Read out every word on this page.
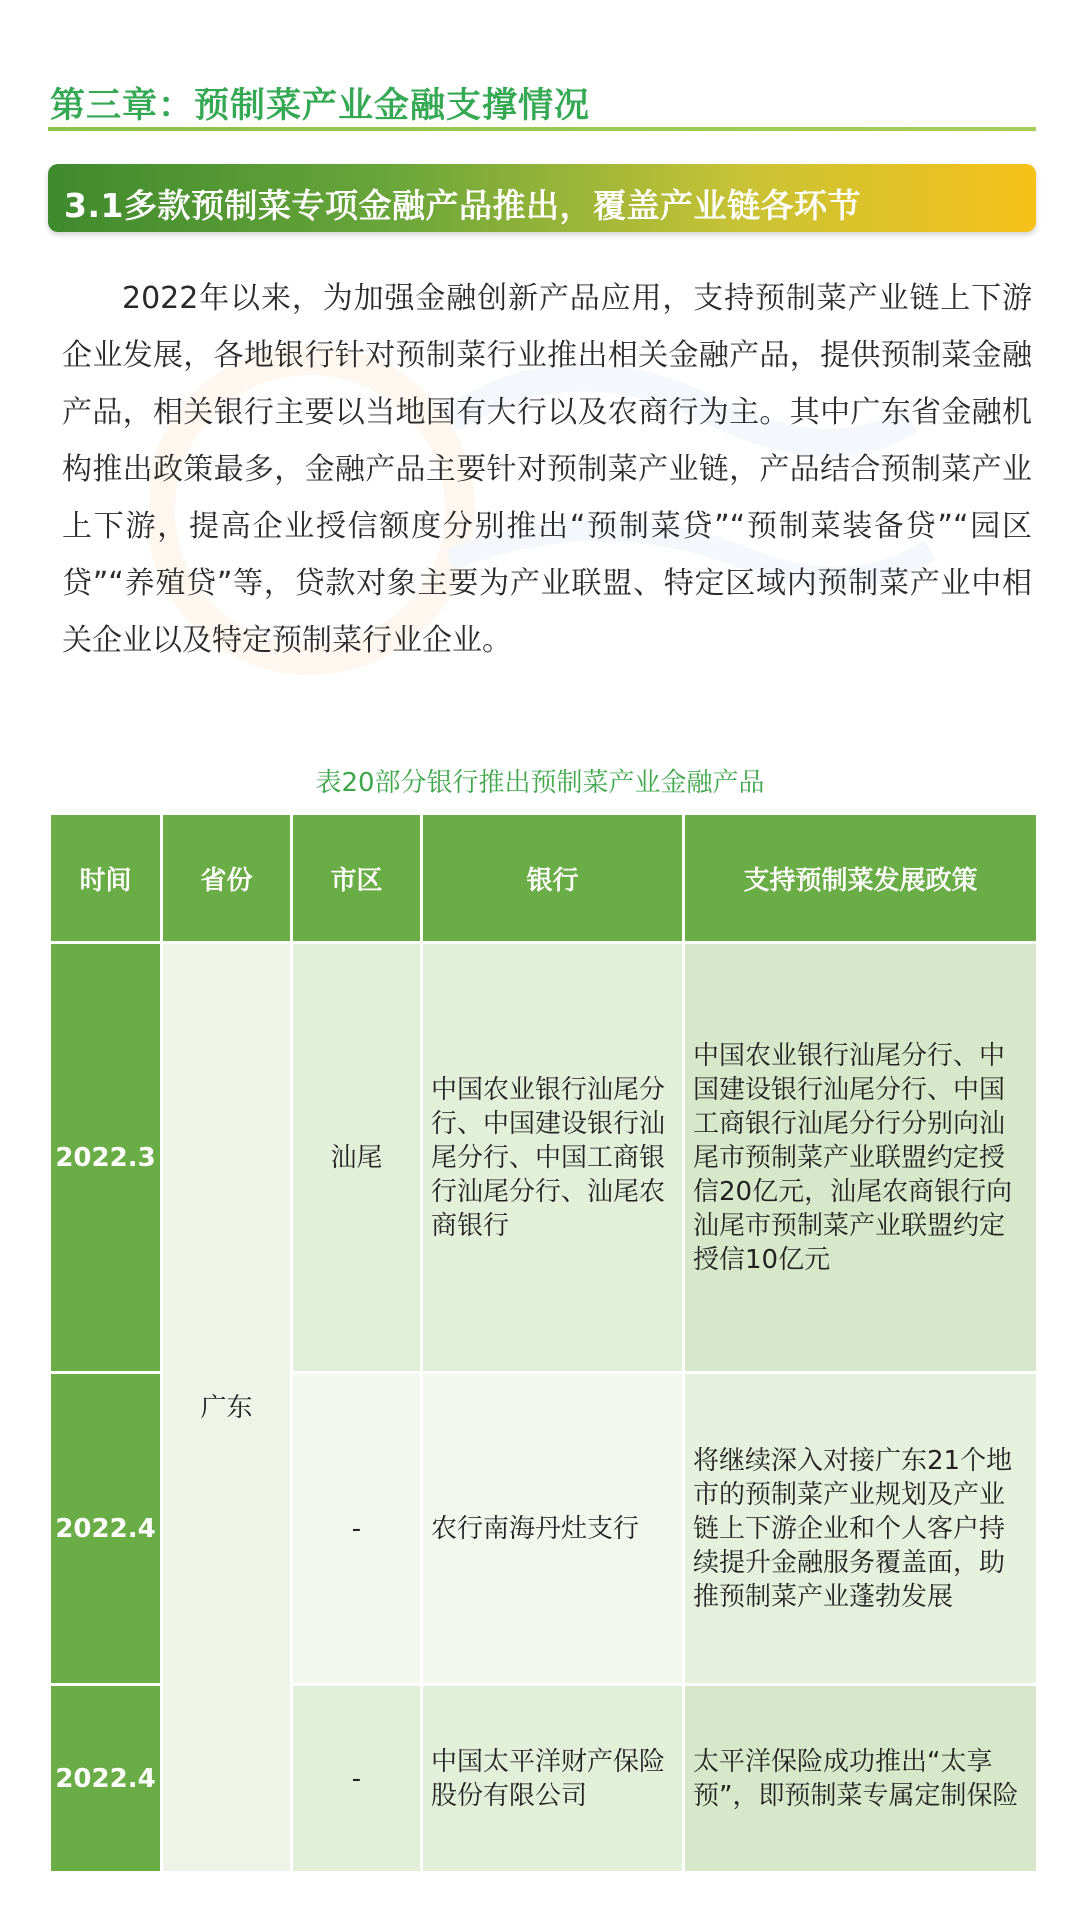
第三章：预制菜产业金融支撑情况
3.1多款预制菜专项金融产品推出，覆盖产业链各环节

2022年以来，为加强金融创新产品应用，支持预制菜产业链上下游企业发展，各地银行针对预制菜行业推出相关金融产品，提供预制菜金融产品，相关银行主要以当地国有大行以及农商行为主。其中广东省金融机构推出政策最多，金融产品主要针对预制菜产业链，产品结合预制菜产业上下游，提高企业授信额度分别推出“预制菜贷”“预制菜装备贷”“园区贷”“养殖贷”等，贷款对象主要为产业联盟、特定区域内预制菜产业中相关企业以及特定预制菜行业企业。

表20部分银行推出预制菜产业金融产品
时间	省份	市区	银行	支持预制菜发展政策
2022.3	广东	汕尾	中国农业银行汕尾分行、中国建设银行汕尾分行、中国工商银行汕尾分行、汕尾农商银行	中国农业银行汕尾分行、中国建设银行汕尾分行、中国工商银行汕尾分行分别向汕尾市预制菜产业联盟约定授信20亿元，汕尾农商银行向汕尾市预制菜产业联盟约定授信10亿元
2022.4		-	农行南海丹灶支行	将继续深入对接广东21个地市的预制菜产业规划及产业链上下游企业和个人客户持续提升金融服务覆盖面，助推预制菜产业蓬勃发展
2022.4		-	中国太平洋财产保险股份有限公司	太平洋保险成功推出“太享预”，即预制菜专属定制保险
